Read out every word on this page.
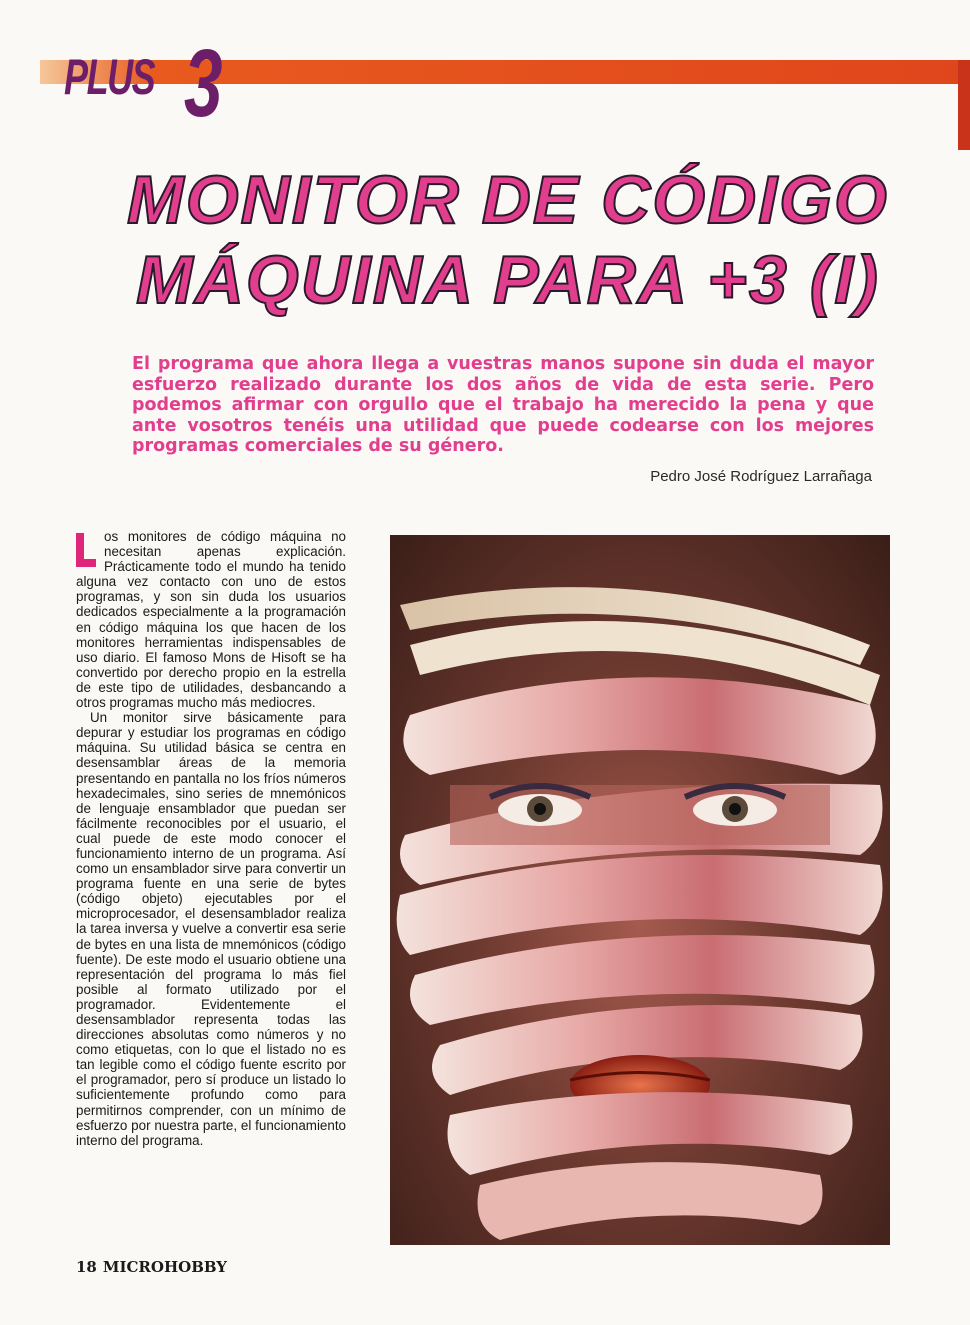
PLUS 3
MONITOR DE CÓDIGO
MÁQUINA PARA +3 (I)
El programa que ahora llega a vuestras manos supone sin duda el mayor esfuerzo realizado durante los dos años de vida de esta serie. Pero podemos afirmar con orgullo que el trabajo ha merecido la pena y que ante vosotros tenéis una utilidad que puede codearse con los mejores programas comerciales de su género.
Pedro José Rodríguez Larrañaga

os monitores de código máquina no necesitan apenas explicación. Prácticamente todo el mundo ha tenido alguna vez contacto con uno de estos programas, y son sin duda los usuarios dedicados especialmente a la programación en código máquina los que hacen de los monitores herramientas indispensables de uso diario. El famoso Mons de Hisoft se ha convertido por derecho propio en la estrella de este tipo de utilidades, desbancando a otros programas mucho más mediocres.

Un monitor sirve básicamente para depurar y estudiar los programas en código máquina. Su utilidad básica se centra en desensamblar áreas de la memoria presentando en pantalla no los fríos números hexadecimales, sino series de mnemónicos de lenguaje ensamblador que puedan ser fácilmente reconocibles por el usuario, el cual puede de este modo conocer el funcionamiento interno de un programa. Así como un ensamblador sirve para convertir un programa fuente en una serie de bytes (código objeto) ejecutables por el microprocesador, el desensamblador realiza la tarea inversa y vuelve a convertir esa serie de bytes en una lista de mnemónicos (código fuente). De este modo el usuario obtiene una representación del programa lo más fiel posible al formato utilizado por el programador. Evidentemente el desensamblador representa todas las direcciones absolutas como números y no como etiquetas, con lo que el listado no es tan legible como el código fuente escrito por el programador, pero sí produce un listado lo suficientemente profundo como para permitirnos comprender, con un mínimo de esfuerzo por nuestra parte, el funcionamiento interno del programa.

18 MICROHOBBY
